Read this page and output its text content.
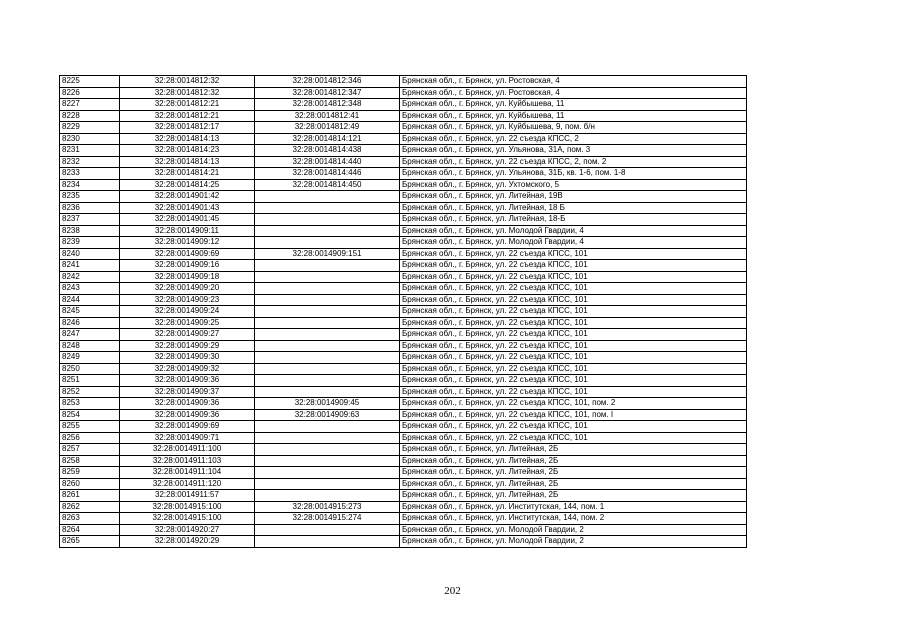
8225	32:28:0014812:32	32:28:0014812:346	Брянская обл., г. Брянск, ул. Ростовская, 4
8226	32:28:0014812:32	32:28:0014812:347	Брянская обл., г. Брянск, ул. Ростовская, 4
8227	32:28:0014812:21	32:28:0014812:348	Брянская обл., г. Брянск, ул. Куйбышева, 11
8228	32:28:0014812:21	32:28:0014812:41	Брянская обл., г. Брянск, ул. Куйбышева, 11
8229	32:28:0014812:17	32:28:0014812:49	Брянская обл., г. Брянск, ул. Куйбышева, 9, пом. б/н
8230	32:28:0014814:13	32:28:0014814:121	Брянская обл., г. Брянск, ул. 22 съезда КПСС, 2
8231	32:28:0014814:23	32:28:0014814:438	Брянская обл., г. Брянск, ул. Ульянова, 31А, пом. 3
8232	32:28:0014814:13	32:28:0014814:440	Брянская обл., г. Брянск, ул. 22 съезда КПСС, 2, пом. 2
8233	32:28:0014814:21	32:28:0014814:446	Брянская обл., г. Брянск, ул. Ульянова, 31Б, кв. 1-6, пом. 1-8
8234	32:28:0014814:25	32:28:0014814:450	Брянская обл., г. Брянск, ул. Ухтомского, 5
8235	32:28:0014901:42		Брянская обл., г. Брянск, ул. Литейная, 19В
8236	32:28:0014901:43		Брянская обл., г. Брянск, ул. Литейная, 18 Б
8237	32:28:0014901:45		Брянская обл., г. Брянск, ул. Литейная, 18-Б
8238	32:28:0014909:11		Брянская обл., г. Брянск, ул. Молодой Гвардии, 4
8239	32:28:0014909:12		Брянская обл., г. Брянск, ул. Молодой Гвардии, 4
8240	32:28:0014909:69	32:28:0014909:151	Брянская обл., г. Брянск, ул. 22 съезда КПСС, 101
8241	32:28:0014909:16		Брянская обл., г. Брянск, ул. 22 съезда КПСС, 101
8242	32:28:0014909:18		Брянская обл., г. Брянск, ул. 22 съезда КПСС, 101
8243	32:28:0014909:20		Брянская обл., г. Брянск, ул. 22 съезда КПСС, 101
8244	32:28:0014909:23		Брянская обл., г. Брянск, ул. 22 съезда КПСС, 101
8245	32:28:0014909:24		Брянская обл., г. Брянск, ул. 22 съезда КПСС, 101
8246	32:28:0014909:25		Брянская обл., г. Брянск, ул. 22 съезда КПСС, 101
8247	32:28:0014909:27		Брянская обл., г. Брянск, ул. 22 съезда КПСС, 101
8248	32:28:0014909:29		Брянская обл., г. Брянск, ул. 22 съезда КПСС, 101
8249	32:28:0014909:30		Брянская обл., г. Брянск, ул. 22 съезда КПСС, 101
8250	32:28:0014909:32		Брянская обл., г. Брянск, ул. 22 съезда КПСС, 101
8251	32:28:0014909:36		Брянская обл., г. Брянск, ул. 22 съезда КПСС, 101
8252	32:28:0014909:37		Брянская обл., г. Брянск, ул. 22 съезда КПСС, 101
8253	32:28:0014909:36	32:28:0014909:45	Брянская обл., г. Брянск, ул. 22 съезда КПСС, 101, пом. 2
8254	32:28:0014909:36	32:28:0014909:63	Брянская обл., г. Брянск, ул. 22 съезда КПСС, 101, пом. I
8255	32:28:0014909:69		Брянская обл., г. Брянск, ул. 22 съезда КПСС, 101
8256	32:28:0014909:71		Брянская обл., г. Брянск, ул. 22 съезда КПСС, 101
8257	32:28:0014911:100		Брянская обл., г. Брянск, ул. Литейная, 2Б
8258	32:28:0014911:103		Брянская обл., г. Брянск, ул. Литейная, 2Б
8259	32:28:0014911:104		Брянская обл., г. Брянск, ул. Литейная, 2Б
8260	32:28:0014911:120		Брянская обл., г. Брянск, ул. Литейная, 2Б
8261	32:28:0014911:57		Брянская обл., г. Брянск, ул. Литейная, 2Б
8262	32:28:0014915:100	32:28:0014915:273	Брянская обл., г. Брянск, ул. Институтская, 144, пом. 1
8263	32:28:0014915:100	32:28:0014915:274	Брянская обл., г. Брянск, ул. Институтская, 144, пом. 2
8264	32:28:0014920:27		Брянская обл., г. Брянск, ул. Молодой Гвардии, 2
8265	32:28:0014920:29		Брянская обл., г. Брянск, ул. Молодой Гвардии, 2
202
